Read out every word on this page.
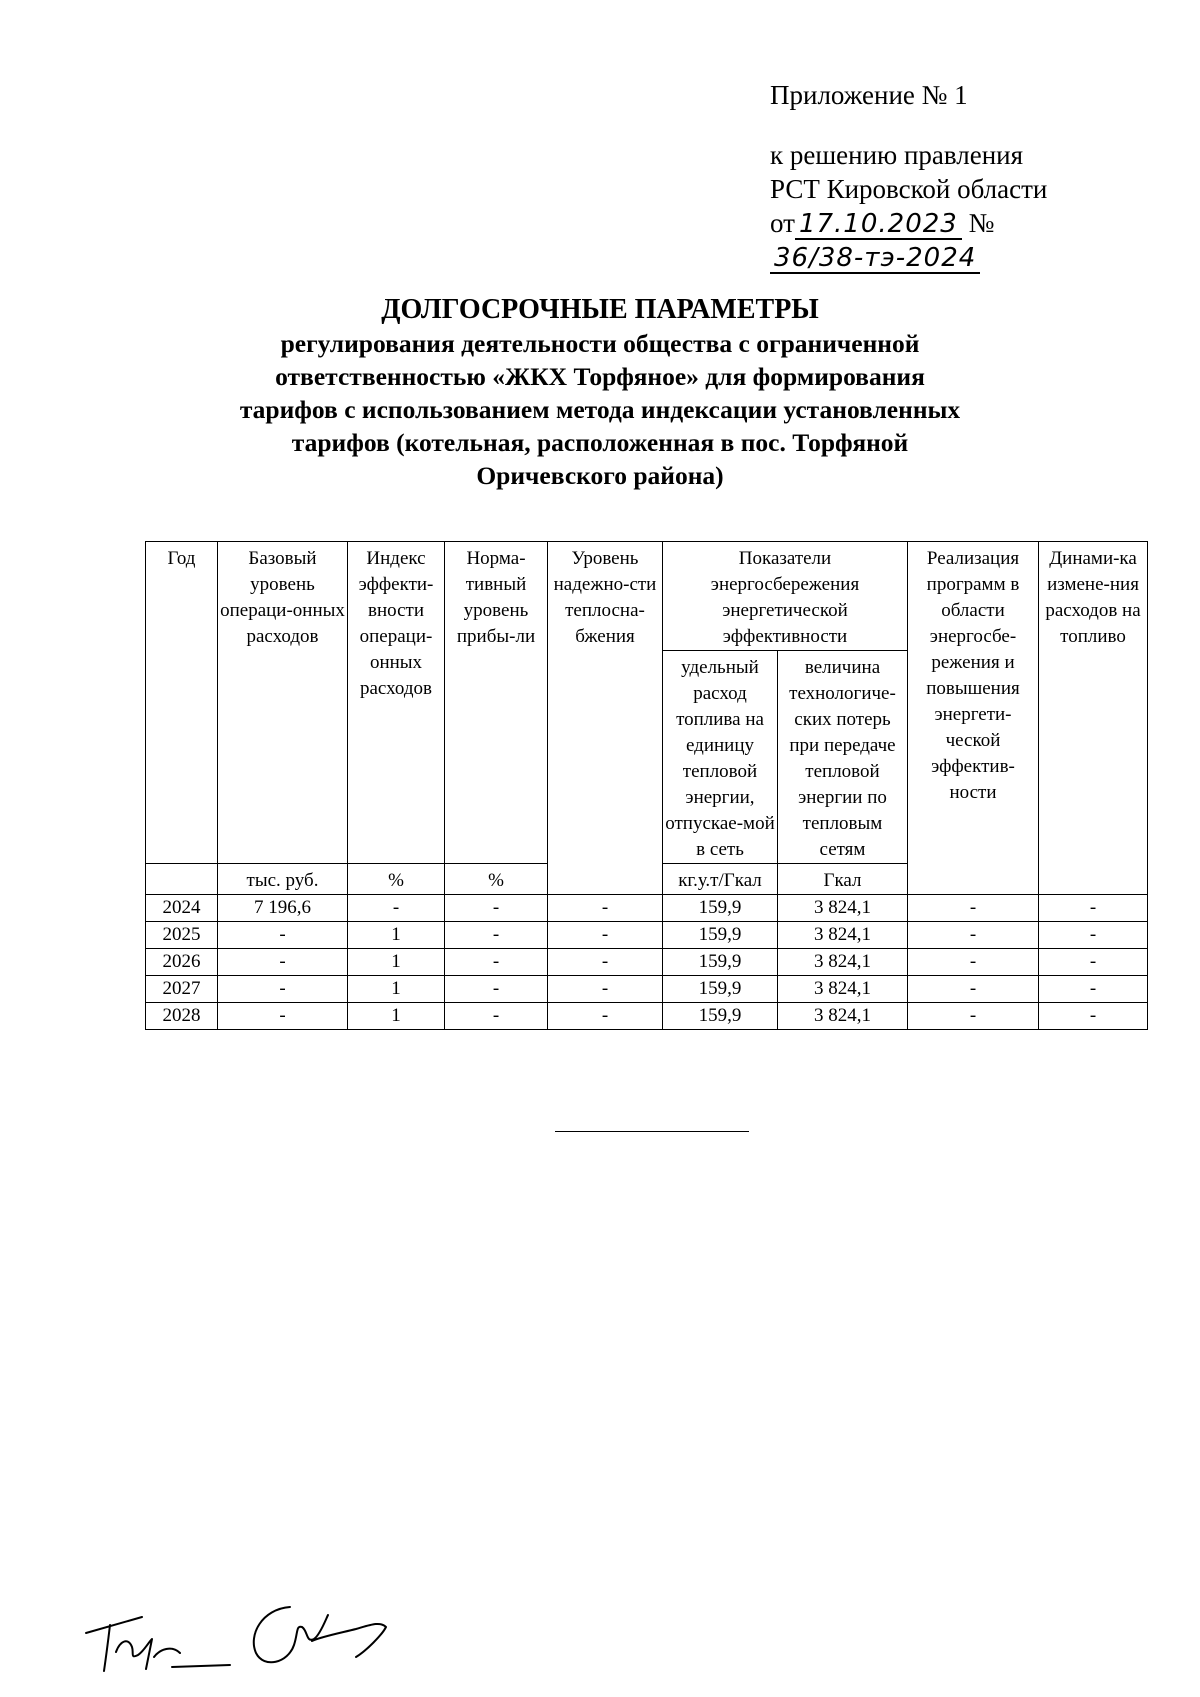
Приложение № 1
к решению правления
РСТ Кировской области
от 17.10.2023 № 36/38-тэ-2024
ДОЛГОСРОЧНЫЕ ПАРАМЕТРЫ
регулирования деятельности общества с ограниченной
ответственностью «ЖКХ Торфяное» для формирования
тарифов с использованием метода индексации установленных
тарифов (котельная, расположенная в пос. Торфяной
Оричевского района)
Год	Базовый уровень операци-онных расходов	Индекс эффекти-вности операци-онных расходов	Норма-тивный уровень прибы-ли	Уровень надежно-сти теплосна-бжения	Показатели энергосбережения энергетической эффективности		Реализация программ в области энергосбе-режения и повышения энергети-ческой эффектив-ности	Динами-ка измене-ния расходов на топливо
					удельный расход топлива на единицу тепловой энергии, отпускае-мой в сеть	величина технологиче-ских потерь при передаче тепловой энергии по тепловым сетям		
	тыс. руб.	%	%		кг.у.т/Гкал	Гкал		
2024	7 196,6	-	-	-	159,9	3 824,1	-	-
2025	-	1	-	-	159,9	3 824,1	-	-
2026	-	1	-	-	159,9	3 824,1	-	-
2027	-	1	-	-	159,9	3 824,1	-	-
2028	-	1	-	-	159,9	3 824,1	-	-
